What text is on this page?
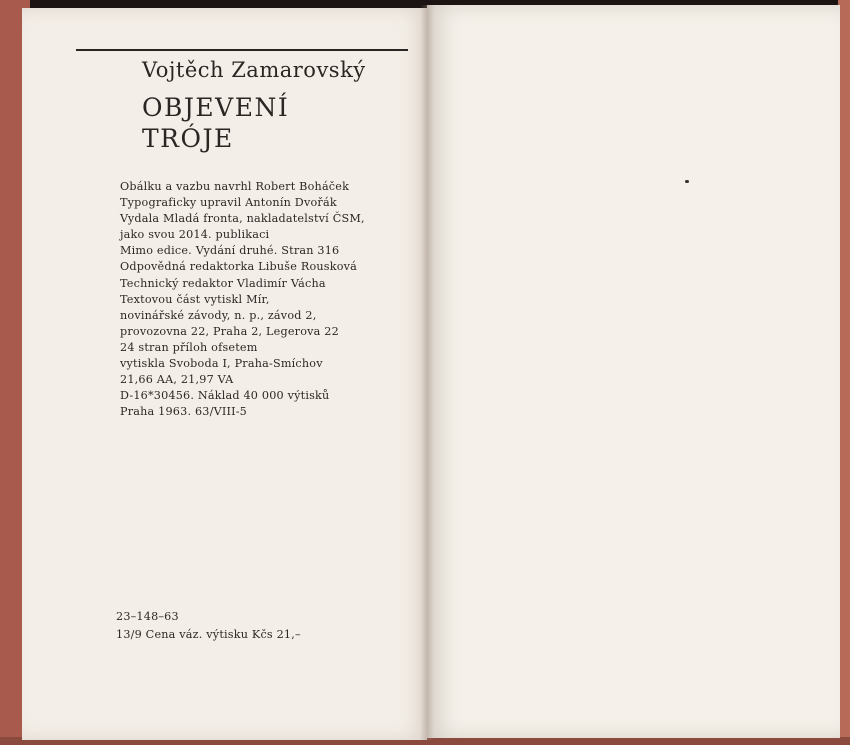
Vojtěch Zamarovský
OBJEVENÍ
TRÓJE
Obálku a vazbu navrhl Robert Boháček
Typograficky upravil Antonín Dvořák
Vydala Mladá fronta, nakladatelství ČSM,
jako svou 2014. publikaci
Mimo edice. Vydání druhé. Stran 316
Odpovědná redaktorka Libuše Rousková
Technický redaktor Vladimír Vácha
Textovou část vytiskl Mír,
novinářské závody, n. p., závod 2,
provozovna 22, Praha 2, Legerova 22
24 stran příloh ofsetem
vytiskla Svoboda I, Praha-Smíchov
21,66 AA, 21,97 VA
D-16*30456. Náklad 40 000 výtisků
Praha 1963. 63/VIII-5
23–148–63
13/9 Cena váz. výtisku Kčs 21,–
